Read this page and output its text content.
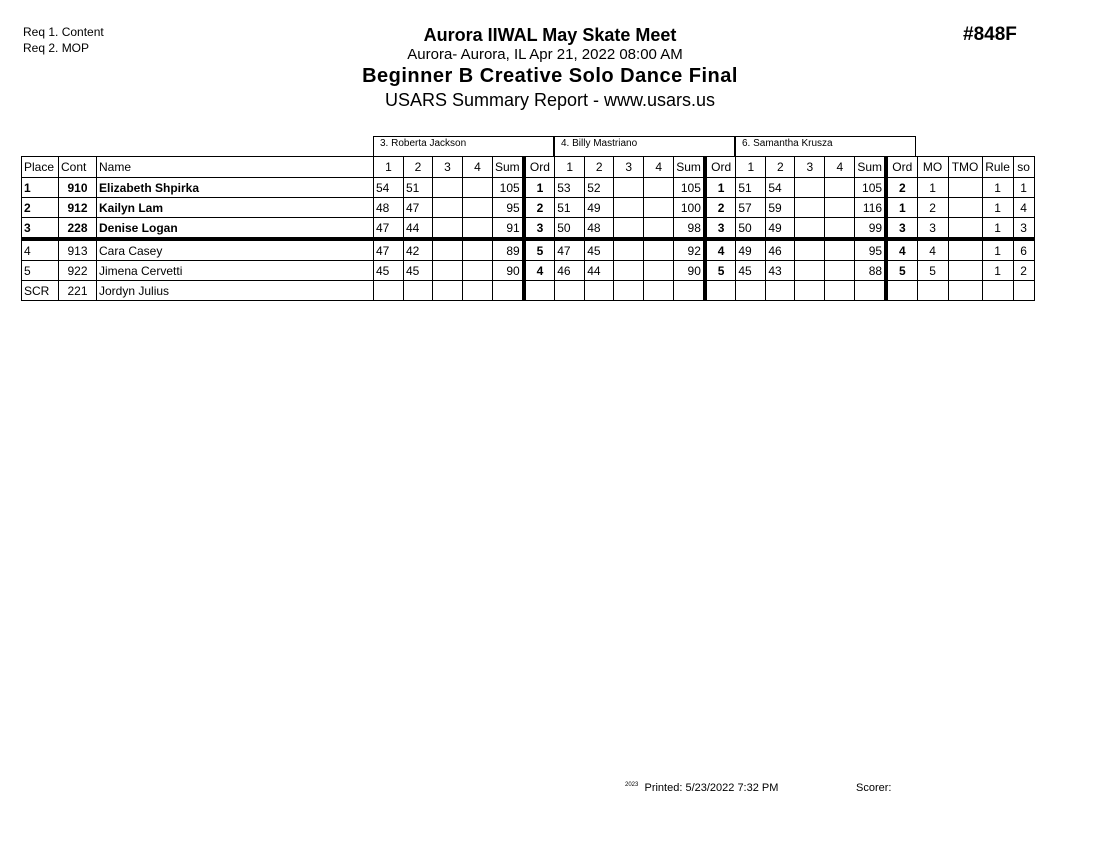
Req 1. Content
Req 2. MOP
Aurora IIWAL May Skate Meet
Aurora- Aurora, IL Apr 21, 2022 08:00 AM
Beginner B Creative Solo Dance Final
USARS Summary Report - www.usars.us
#848F
3. Roberta Jackson	4. Billy Mastriano	6. Samantha Krusza
Place	Cont	Name	1	2	3	4	Sum	Ord	1	2	3	4	Sum	Ord	1	2	3	4	Sum	Ord	MO	TMO	Rule	so
1	910	Elizabeth Shpirka	54	51			105	1	53	52			105	1	51	54			105	2	1		1	1
2	912	Kailyn Lam	48	47			95	2	51	49			100	2	57	59			116	1	2		1	4
3	228	Denise Logan	47	44			91	3	50	48			98	3	50	49			99	3	3		1	3
4	913	Cara Casey	47	42			89	5	47	45			92	4	49	46			95	4	4		1	6
5	922	Jimena Cervetti	45	45			90	4	46	44			90	5	45	43			88	5	5		1	2
SCR	221	Jordyn Julius																						
$^{2023}$ Printed: 5/23/2022 7:32 PM	Scorer:
